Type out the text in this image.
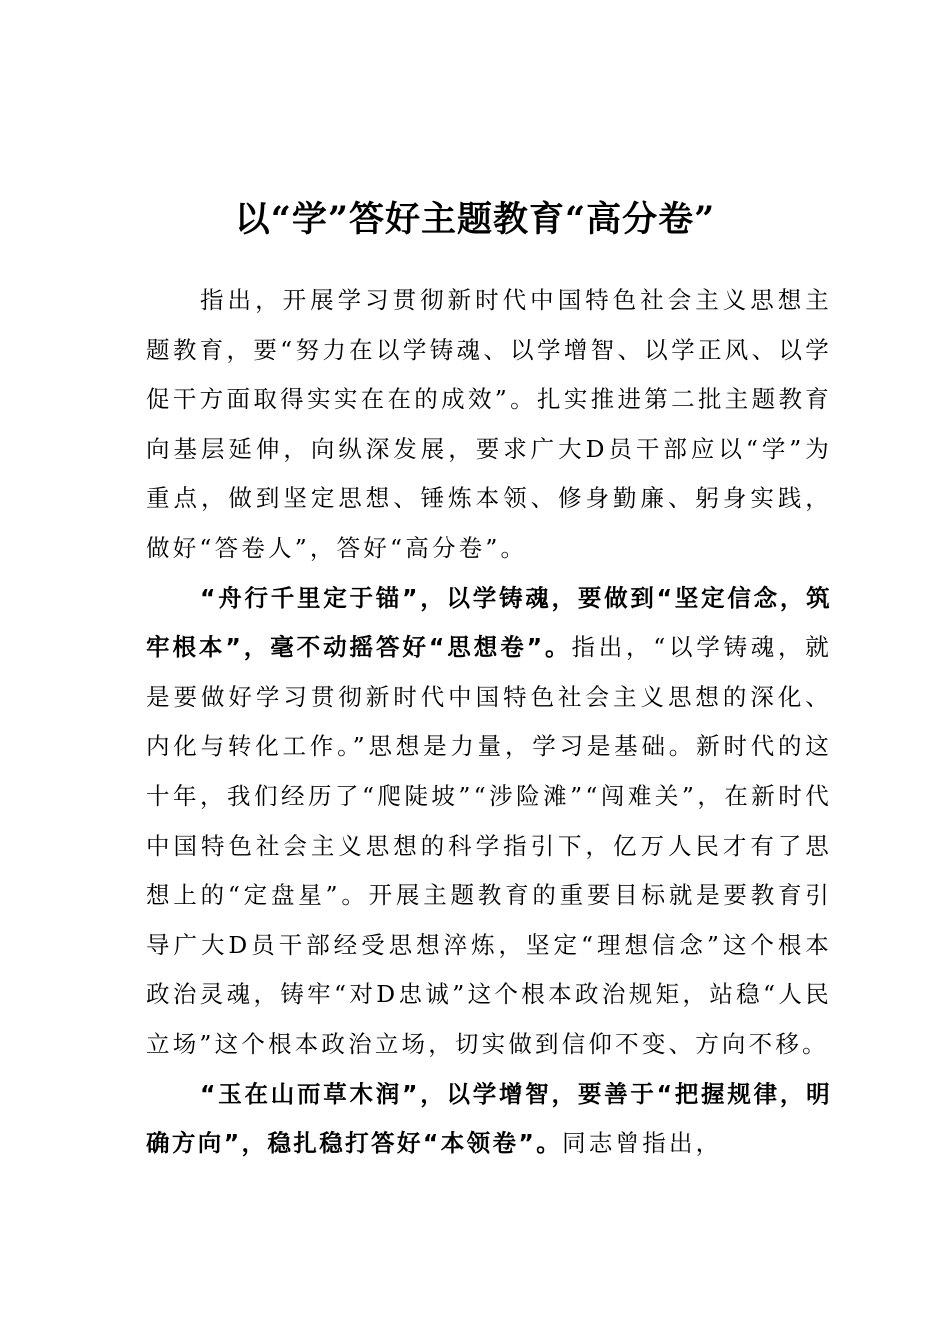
以“学”答好主题教育“高分卷”

指出，开展学习贯彻新时代中国特色社会主义思想主题教育，要“努力在以学铸魂、以学增智、以学正风、以学促干方面取得实实在在的成效”。扎实推进第二批主题教育向基层延伸，向纵深发展，要求广大D员干部应以“学”为重点，做到坚定思想、锤炼本领、修身勤廉、躬身实践，做好“答卷人”，答好“高分卷”。

“舟行千里定于锚”，以学铸魂，要做到“坚定信念，筑牢根本”，毫不动摇答好“思想卷”。指出，“以学铸魂，就是要做好学习贯彻新时代中国特色社会主义思想的深化、内化与转化工作。”思想是力量，学习是基础。新时代的这十年，我们经历了“爬陡坡”“涉险滩”“闯难关”，在新时代中国特色社会主义思想的科学指引下，亿万人民才有了思想上的“定盘星”。开展主题教育的重要目标就是要教育引导广大D员干部经受思想淬炼，坚定“理想信念”这个根本政治灵魂，铸牢“对D忠诚”这个根本政治规矩，站稳“人民立场”这个根本政治立场，切实做到信仰不变、方向不移。

“玉在山而草木润”，以学增智，要善于“把握规律，明确方向”，稳扎稳打答好“本领卷”。同志曾指出，
